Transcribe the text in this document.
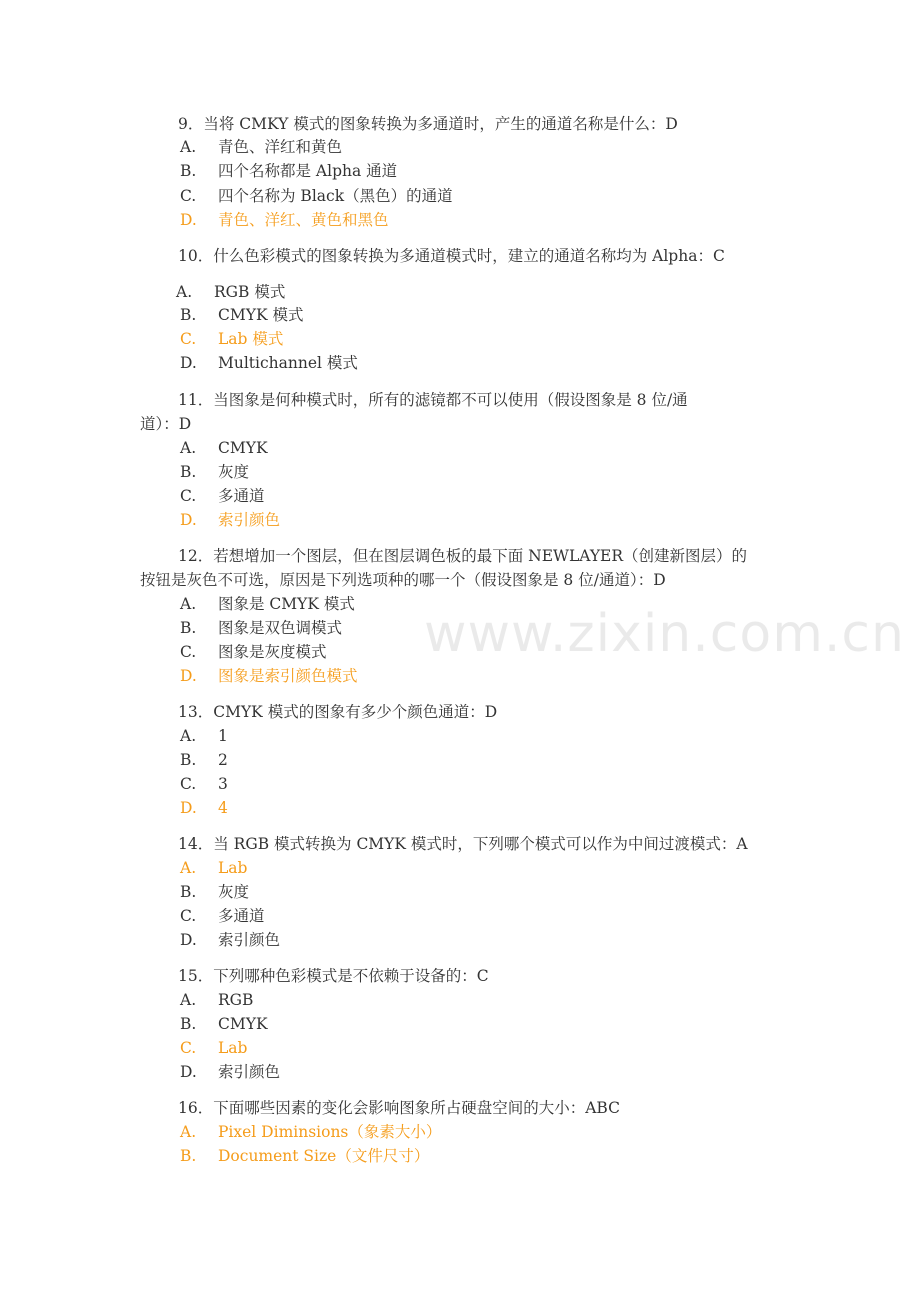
www.zixin.com.cn
9．当将 CMKY 模式的图象转换为多通道时，产生的通道名称是什么：D
A. 青色、洋红和黄色
B. 四个名称都是 Alpha 通道
C. 四个名称为 Black（黑色）的通道
D. 青色、洋红、黄色和黑色
10．什么色彩模式的图象转换为多通道模式时，建立的通道名称均为 Alpha：C
A. RGB 模式
B. CMYK 模式
C. Lab 模式
D. Multichannel 模式
11．当图象是何种模式时，所有的滤镜都不可以使用（假设图象是 8 位/通
道）：D
A. CMYK
B. 灰度
C. 多通道
D. 索引颜色
12．若想增加一个图层，但在图层调色板的最下面 NEWLAYER（创建新图层）的
按钮是灰色不可选，原因是下列选项种的哪一个（假设图象是 8 位/通道）：D
A. 图象是 CMYK 模式
B. 图象是双色调模式
C. 图象是灰度模式
D. 图象是索引颜色模式
13．CMYK 模式的图象有多少个颜色通道：D
A. 1
B. 2
C. 3
D. 4
14．当 RGB 模式转换为 CMYK 模式时，下列哪个模式可以作为中间过渡模式：A
A. Lab
B. 灰度
C. 多通道
D. 索引颜色
15．下列哪种色彩模式是不依赖于设备的：C
A. RGB
B. CMYK
C. Lab
D. 索引颜色
16．下面哪些因素的变化会影响图象所占硬盘空间的大小：ABC
A. Pixel Diminsions（象素大小）
B. Document Size（文件尺寸）
